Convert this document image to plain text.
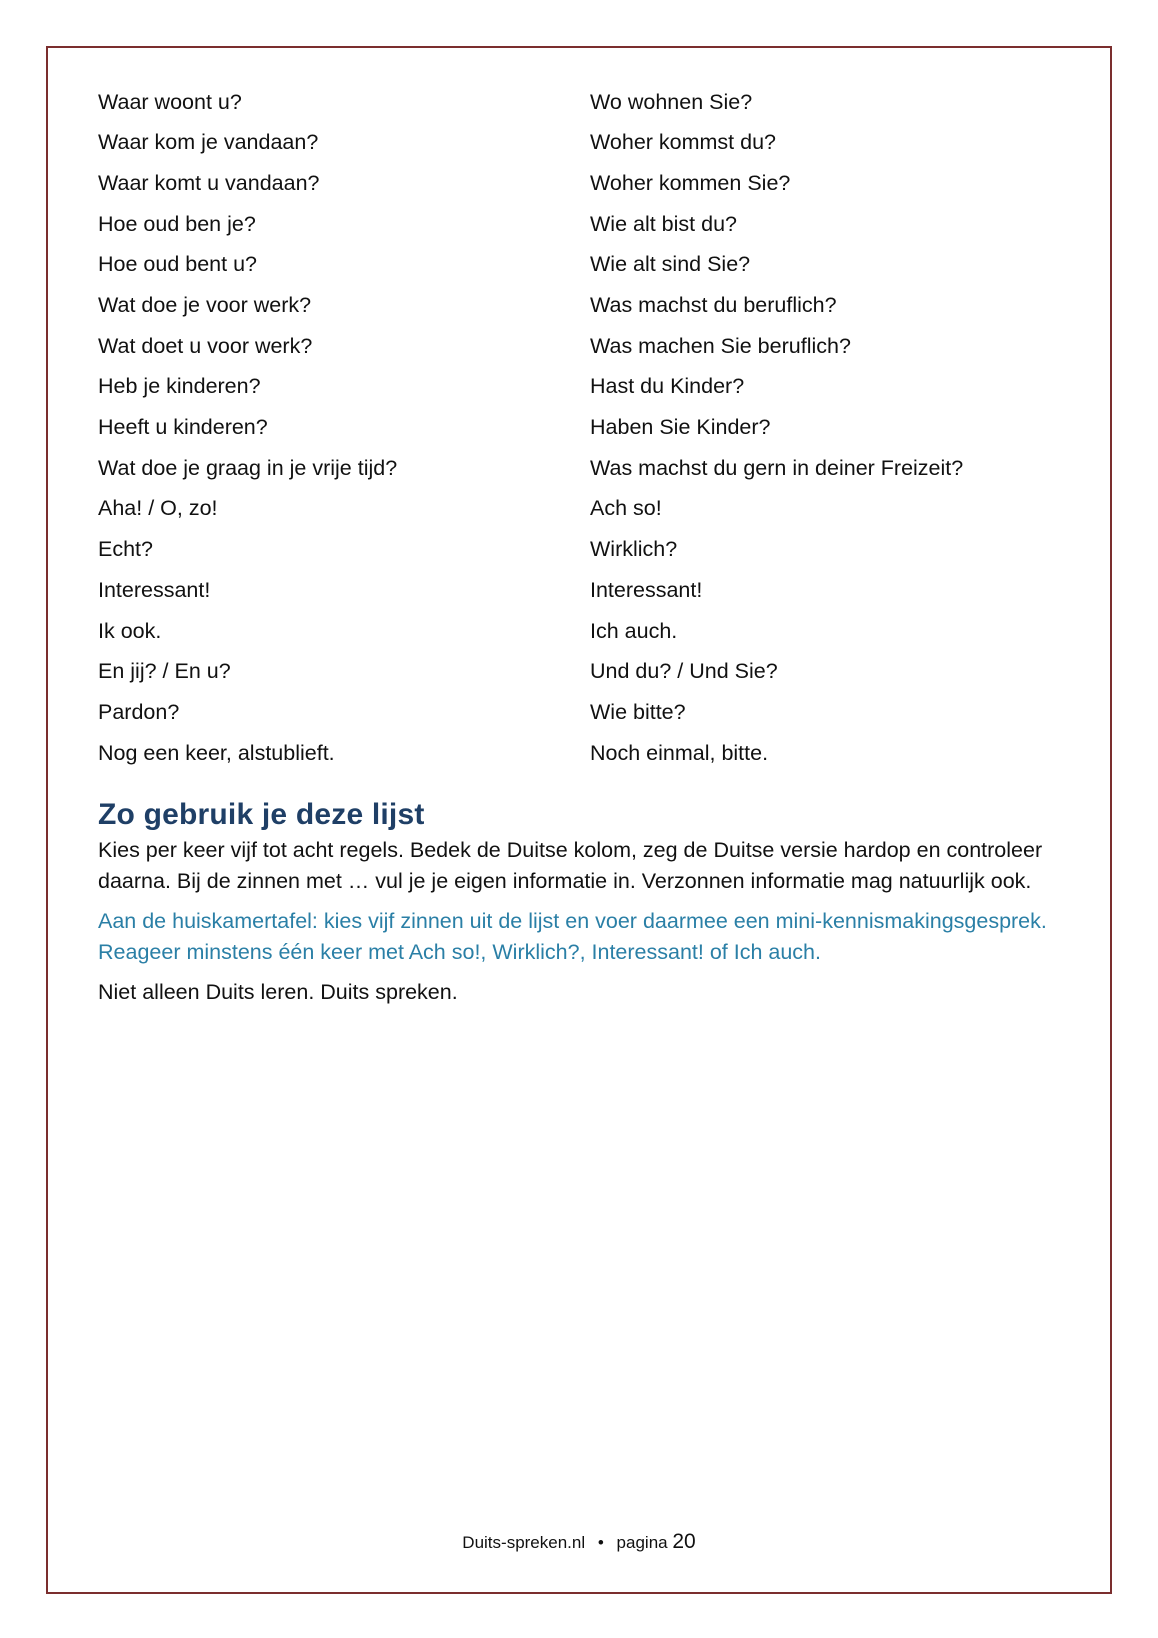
Waar woont u?	Wo wohnen Sie?
Waar kom je vandaan?	Woher kommst du?
Waar komt u vandaan?	Woher kommen Sie?
Hoe oud ben je?	Wie alt bist du?
Hoe oud bent u?	Wie alt sind Sie?
Wat doe je voor werk?	Was machst du beruflich?
Wat doet u voor werk?	Was machen Sie beruflich?
Heb je kinderen?	Hast du Kinder?
Heeft u kinderen?	Haben Sie Kinder?
Wat doe je graag in je vrije tijd?	Was machst du gern in deiner Freizeit?
Aha! / O, zo!	Ach so!
Echt?	Wirklich?
Interessant!	Interessant!
Ik ook.	Ich auch.
En jij? / En u?	Und du? / Und Sie?
Pardon?	Wie bitte?
Nog een keer, alstublieft.	Noch einmal, bitte.
Zo gebruik je deze lijst

Kies per keer vijf tot acht regels. Bedek de Duitse kolom, zeg de Duitse versie hardop en controleer daarna. Bij de zinnen met … vul je je eigen informatie in. Verzonnen informatie mag natuurlijk ook.

Aan de huiskamertafel: kies vijf zinnen uit de lijst en voer daarmee een mini-kennismakingsgesprek. Reageer minstens één keer met Ach so!, Wirklich?, Interessant! of Ich auch.

Niet alleen Duits leren. Duits spreken.

Duits-spreken.nl • pagina 20
